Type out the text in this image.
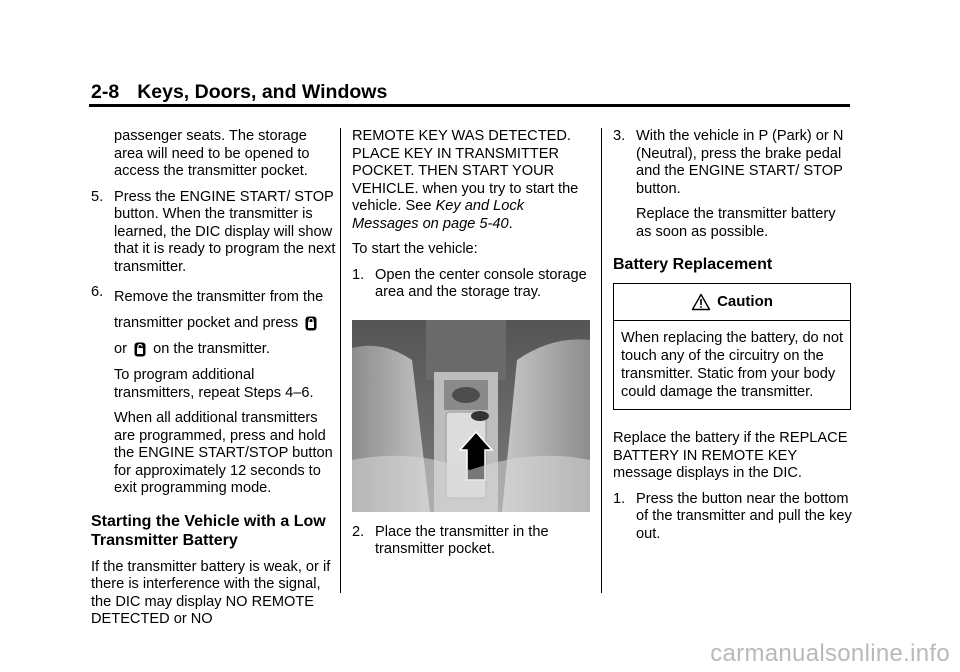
2-8 Keys, Doors, and Windows

passenger seats. The storage area will need to be opened to access the transmitter pocket.

5. Press the ENGINE START/ STOP button. When the transmitter is learned, the DIC display will show that it is ready to program the next transmitter.
6. Remove the transmitter from the transmitter pocket and press
or on the transmitter.

To program additional transmitters, repeat Steps 4–6.

When all additional transmitters are programmed, press and hold the ENGINE START/STOP button for approximately 12 seconds to exit programming mode.

Starting the Vehicle with a Low Transmitter Battery

If the transmitter battery is weak, or if there is interference with the signal, the DIC may display NO REMOTE DETECTED or NO

REMOTE KEY WAS DETECTED. PLACE KEY IN TRANSMITTER POCKET. THEN START YOUR VEHICLE. when you try to start the vehicle. See Key and Lock Messages on page 5-40.

To start the vehicle:

1. Open the center console storage area and the storage tray.
2. Place the transmitter in the transmitter pocket.
3. With the vehicle in P (Park) or N (Neutral), press the brake pedal and the ENGINE START/ STOP button.

Replace the transmitter battery as soon as possible.

Battery Replacement
Caution
When replacing the battery, do not touch any of the circuitry on the transmitter. Static from your body could damage the transmitter.

Replace the battery if the REPLACE BATTERY IN REMOTE KEY message displays in the DIC.

1. Press the button near the bottom of the transmitter and pull the key out.
carmanualsonline.info
